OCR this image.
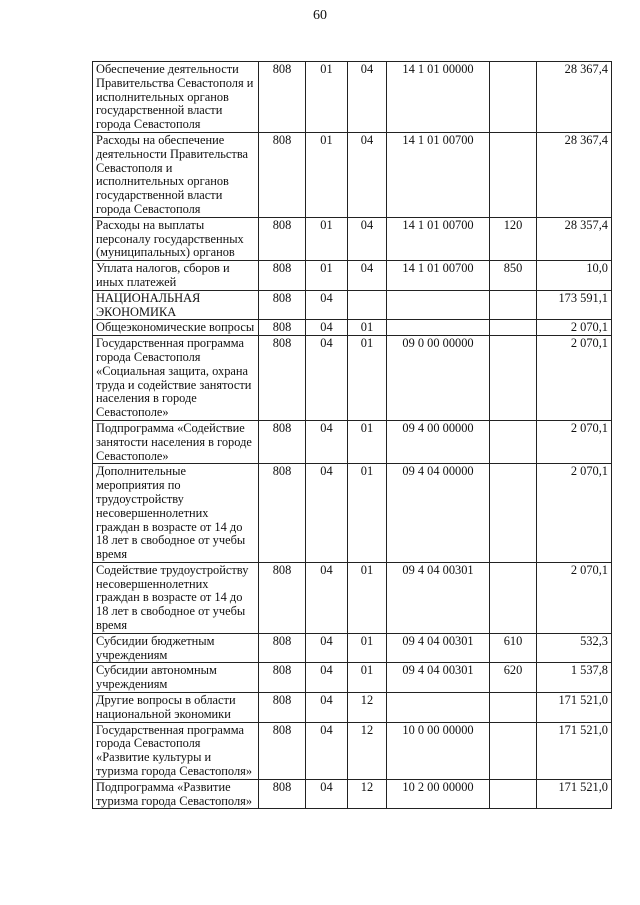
60
Обеспечение деятельности Правительства Севастополя и исполнительных органов государственной власти города Севастополя	808	01	04	14 1 01 00000		28 367,4
Расходы на обеспечение деятельности Правительства Севастополя и исполнительных органов государственной власти города Севастополя	808	01	04	14 1 01 00700		28 367,4
Расходы на выплаты персоналу государственных (муниципальных) органов	808	01	04	14 1 01 00700	120	28 357,4
Уплата налогов, сборов и иных платежей	808	01	04	14 1 01 00700	850	10,0
НАЦИОНАЛЬНАЯ ЭКОНОМИКА	808	04				173 591,1
Общеэкономические вопросы	808	04	01			2 070,1
Государственная программа города Севастополя «Социальная защита, охрана труда и содействие занятости населения в городе Севастополе»	808	04	01	09 0 00 00000		2 070,1
Подпрограмма «Содействие занятости населения в городе Севастополе»	808	04	01	09 4 00 00000		2 070,1
Дополнительные мероприятия по трудоустройству несовершеннолетних граждан в возрасте от 14 до 18 лет в свободное от учебы время	808	04	01	09 4 04 00000		2 070,1
Содействие трудоустройству несовершеннолетних граждан в возрасте от 14 до 18 лет в свободное от учебы время	808	04	01	09 4 04 00301		2 070,1
Субсидии бюджетным учреждениям	808	04	01	09 4 04 00301	610	532,3
Субсидии автономным учреждениям	808	04	01	09 4 04 00301	620	1 537,8
Другие вопросы в области национальной экономики	808	04	12			171 521,0
Государственная программа города Севастополя «Развитие культуры и туризма города Севастополя»	808	04	12	10 0 00 00000		171 521,0
Подпрограмма «Развитие туризма города Севастополя»	808	04	12	10 2 00 00000		171 521,0
